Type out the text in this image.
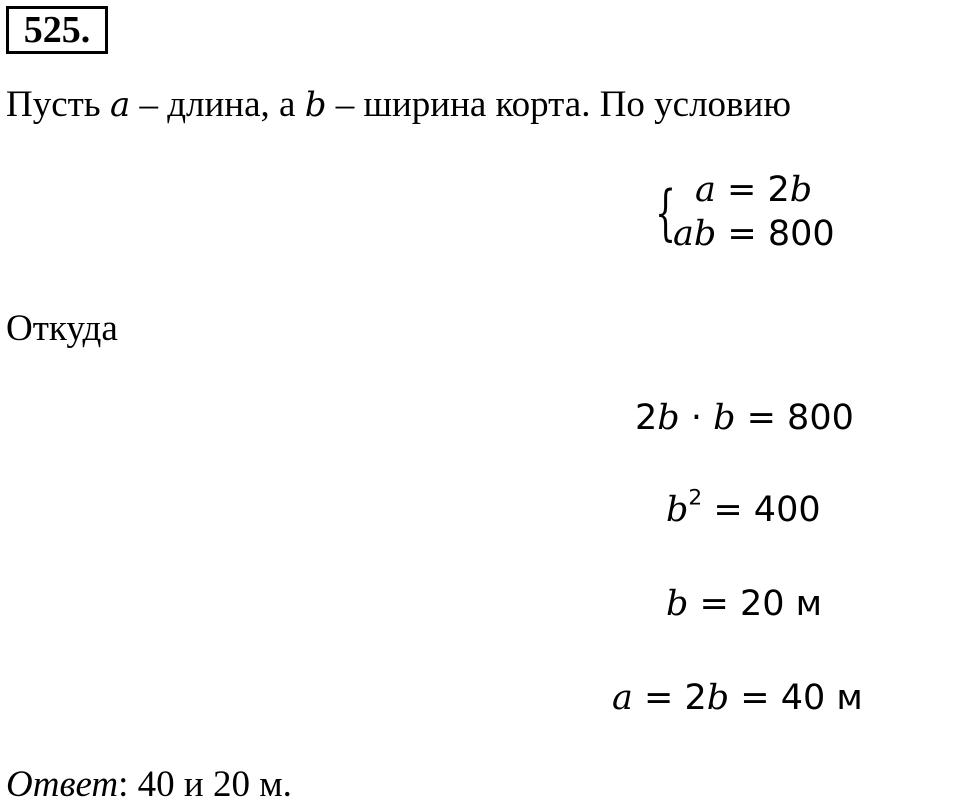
525.
Пусть a – длина, а b – ширина корта. По условию
{ a = 2b
ab = 800
Откуда
2b · b = 800
$b^2 = 400$
b = 20 м
a = 2b = 40 м
Ответ: 40 и 20 м.
